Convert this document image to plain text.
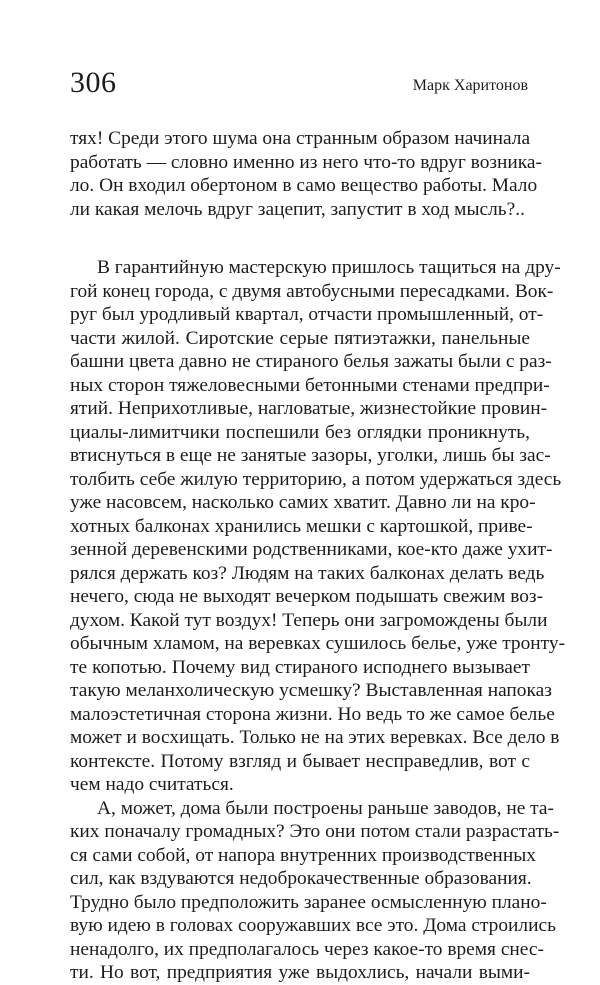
306	Марк Харитонов
тях! Среди этого шума она странным образом начинала
работать — словно именно из него что-то вдруг возника-
ло. Он входил обертоном в само вещество работы. Мало
ли какая мелочь вдруг зацепит, запустит в ход мысль?..
В гарантийную мастерскую пришлось тащиться на дру-
гой конец города, с двумя автобусными пересадками. Вок-
руг был уродливый квартал, отчасти промышленный, от-
части жилой. Сиротские серые пятиэтажки, панельные
башни цвета давно не стираного белья зажаты были с раз-
ных сторон тяжеловесными бетонными стенами предпри-
ятий. Неприхотливые, нагловатые, жизнестойкие провин-
циалы-лимитчики поспешили без оглядки проникнуть,
втиснуться в еще не занятые зазоры, уголки, лишь бы зас-
толбить себе жилую территорию, а потом удержаться здесь
уже насовсем, насколько самих хватит. Давно ли на кро-
хотных балконах хранились мешки с картошкой, приве-
зенной деревенскими родственниками, кое-кто даже ухит-
рялся держать коз? Людям на таких балконах делать ведь
нечего, сюда не выходят вечерком подышать свежим воз-
духом. Какой тут воздух! Теперь они загромождены были
обычным хламом, на веревках сушилось белье, уже тронту-
те копотью. Почему вид стираного исподнего вызывает
такую меланхолическую усмешку? Выставленная напоказ
малоэстетичная сторона жизни. Но ведь то же самое белье
может и восхищать. Только не на этих веревках. Все дело в
контексте. Потому взгляд и бывает несправедлив, вот с
чем надо считаться.
А, может, дома были построены раньше заводов, не та-
ких поначалу громадных? Это они потом стали разрастать-
ся сами собой, от напора внутренних производственных
сил, как вздуваются недоброкачественные образования.
Трудно было предположить заранее осмысленную плано-
вую идею в головах сооружавших все это. Дома строились
ненадолго, их предполагалось через какое-то время снес-
ти. Но вот, предприятия уже выдохлись, начали выми-
